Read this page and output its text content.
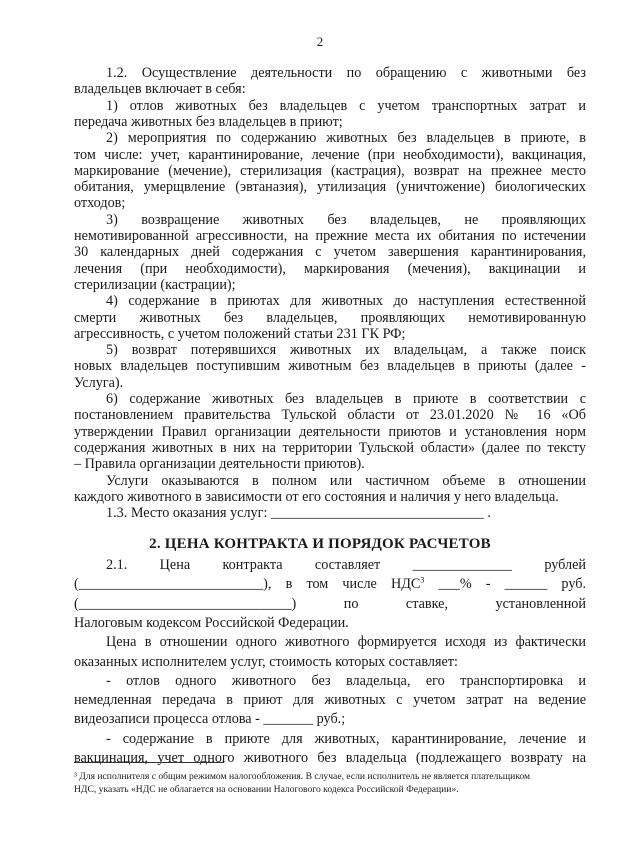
2
1.2. Осуществление деятельности по обращению с животными без
владельцев включает в себя:
1) отлов животных без владельцев с учетом транспортных затрат и
передача животных без владельцев в приют;
2) мероприятия по содержанию животных без владельцев в приюте, в
том числе: учет, карантинирование, лечение (при необходимости), вакцинация,
маркирование (мечение), стерилизация (кастрация), возврат на прежнее место
обитания, умерщвление (эвтаназия), утилизация (уничтожение) биологических
отходов;
3) возвращение животных без владельцев, не проявляющих
немотивированной агрессивности, на прежние места их обитания по истечении
30 календарных дней содержания с учетом завершения карантинирования,
лечения (при необходимости), маркирования (мечения), вакцинации и
стерилизации (кастрации);
4) содержание в приютах для животных до наступления естественной
смерти животных без владельцев, проявляющих немотивированную
агрессивность, с учетом положений статьи 231 ГК РФ;
5) возврат потерявшихся животных их владельцам, а также поиск
новых владельцев поступившим животным без владельцев в приюты (далее -
Услуга).
6) содержание животных без владельцев в приюте в соответствии с
постановлением правительства Тульской области от 23.01.2020 № 16 «Об
утверждении Правил организации деятельности приютов и установления норм
содержания животных в них на территории Тульской области» (далее по тексту
– Правила организации деятельности приютов).
Услуги оказываются в полном или частичном объеме в отношении
каждого животного в зависимости от его состояния и наличия у него владельца.
1.3. Место оказания услуг: ______________________________ .
2. ЦЕНА КОНТРАКТА И ПОРЯДОК РАСЧЕТОВ
2.1. Цена контракта составляет ______________ рублей
(__________________________), в том числе НДС$^3$ ___% - ______ руб.
(______________________________) по ставке, установленной
Налоговым кодексом Российской Федерации.
Цена в отношении одного животного формируется исходя из фактически
оказанных исполнителем услуг, стоимость которых составляет:
- отлов одного животного без владельца, его транспортировка и
немедленная передача в приют для животных с учетом затрат на ведение
видеозаписи процесса отлова - _______ руб.;
- содержание в приюте для животных, карантинирование, лечение и
вакцинация, учет одного животного без владельца (подлежащего возврату на
³ Для исполнителя с общим режимом налогообложения. В случае, если исполнитель не является плательщиком
НДС, указать «НДС не облагается на основании Налогового кодекса Российской Федерации».
